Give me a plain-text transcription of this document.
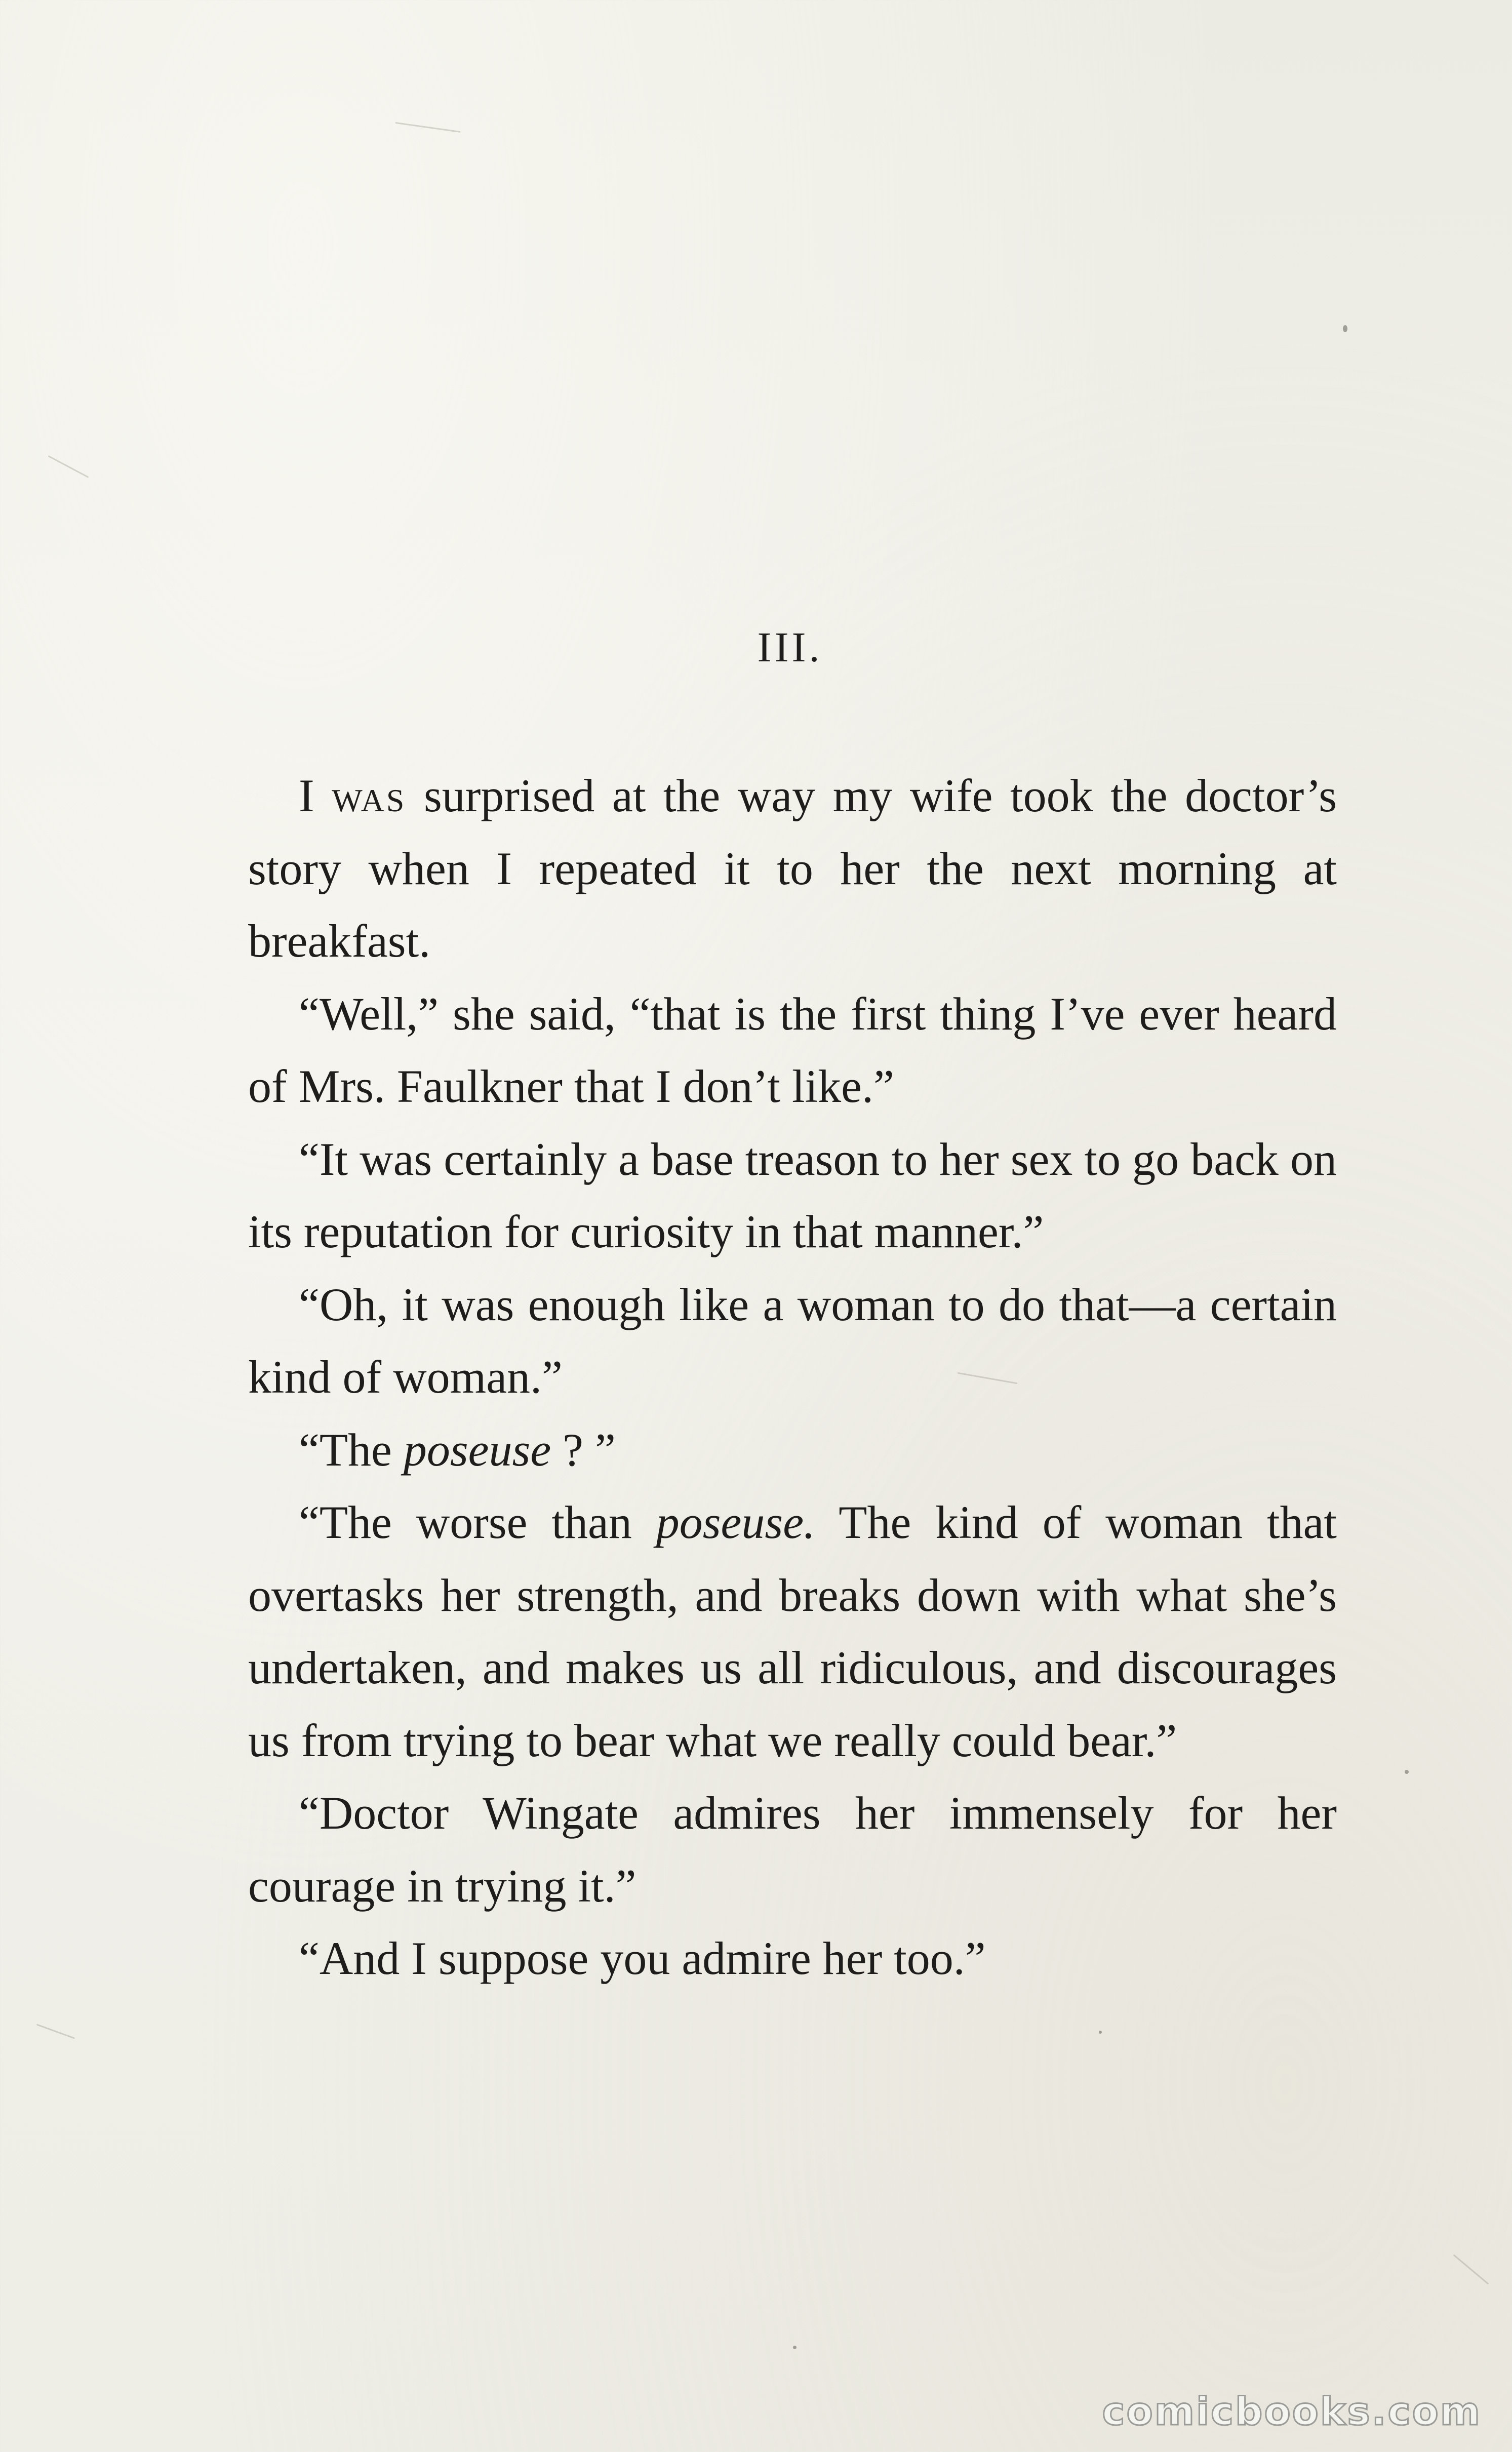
III.

I was surprised at the way my wife took the doctor’s story when I repeated it to her the next morning at breakfast.

“Well,” she said, “that is the first thing I’ve ever heard of Mrs. Faulkner that I don’t like.”

“It was certainly a base treason to her sex to go back on its reputation for curiosity in that manner.”

“Oh, it was enough like a woman to do that—a certain kind of woman.”

“The poseuse ? ”

“The worse than poseuse. The kind of woman that overtasks her strength, and breaks down with what she’s undertaken, and makes us all ridiculous, and discourages us from trying to bear what we really could bear.”

“Doctor Wingate admires her immensely for her courage in trying it.”

“And I suppose you admire her too.”

comicbooks.com
